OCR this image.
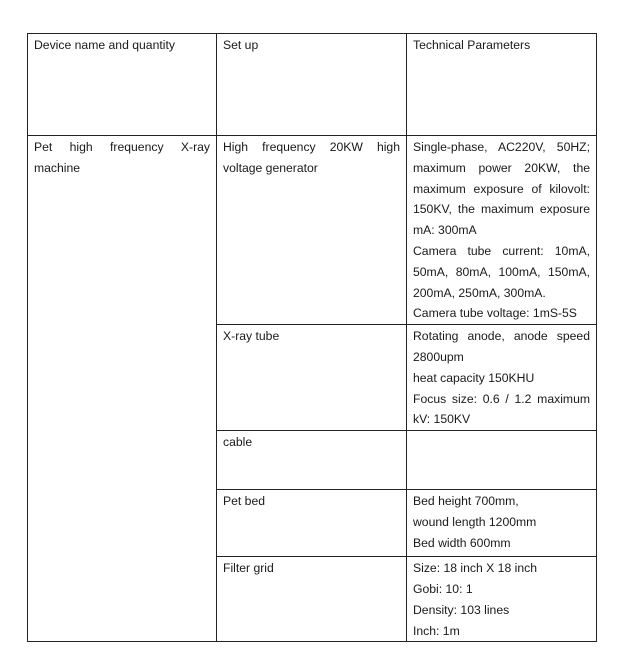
Device name and quantity	Set up	Technical Parameters
Pet high frequency X-ray machine	High frequency 20KW high voltage generator	Single-phase, AC220V, 50HZ; maximum power 20KW, the maximum exposure of kilovolt: 150KV, the maximum exposure mA: 300mA
Camera tube current: 10mA, 50mA, 80mA, 100mA, 150mA, 200mA, 250mA, 300mA.
Camera tube voltage: 1mS-5S

	X-ray tube	Rotating anode, anode speed 2800upm
heat capacity 150KHU
Focus size: 0.6 / 1.2 maximum kV: 150KV

	cable	
	Pet bed	Bed height 700mm,
wound length 1200mm
Bed width 600mm

	Filter grid	Size: 18 inch X 18 inch
Gobi: 10: 1
Density: 103 lines
Inch: 1m
